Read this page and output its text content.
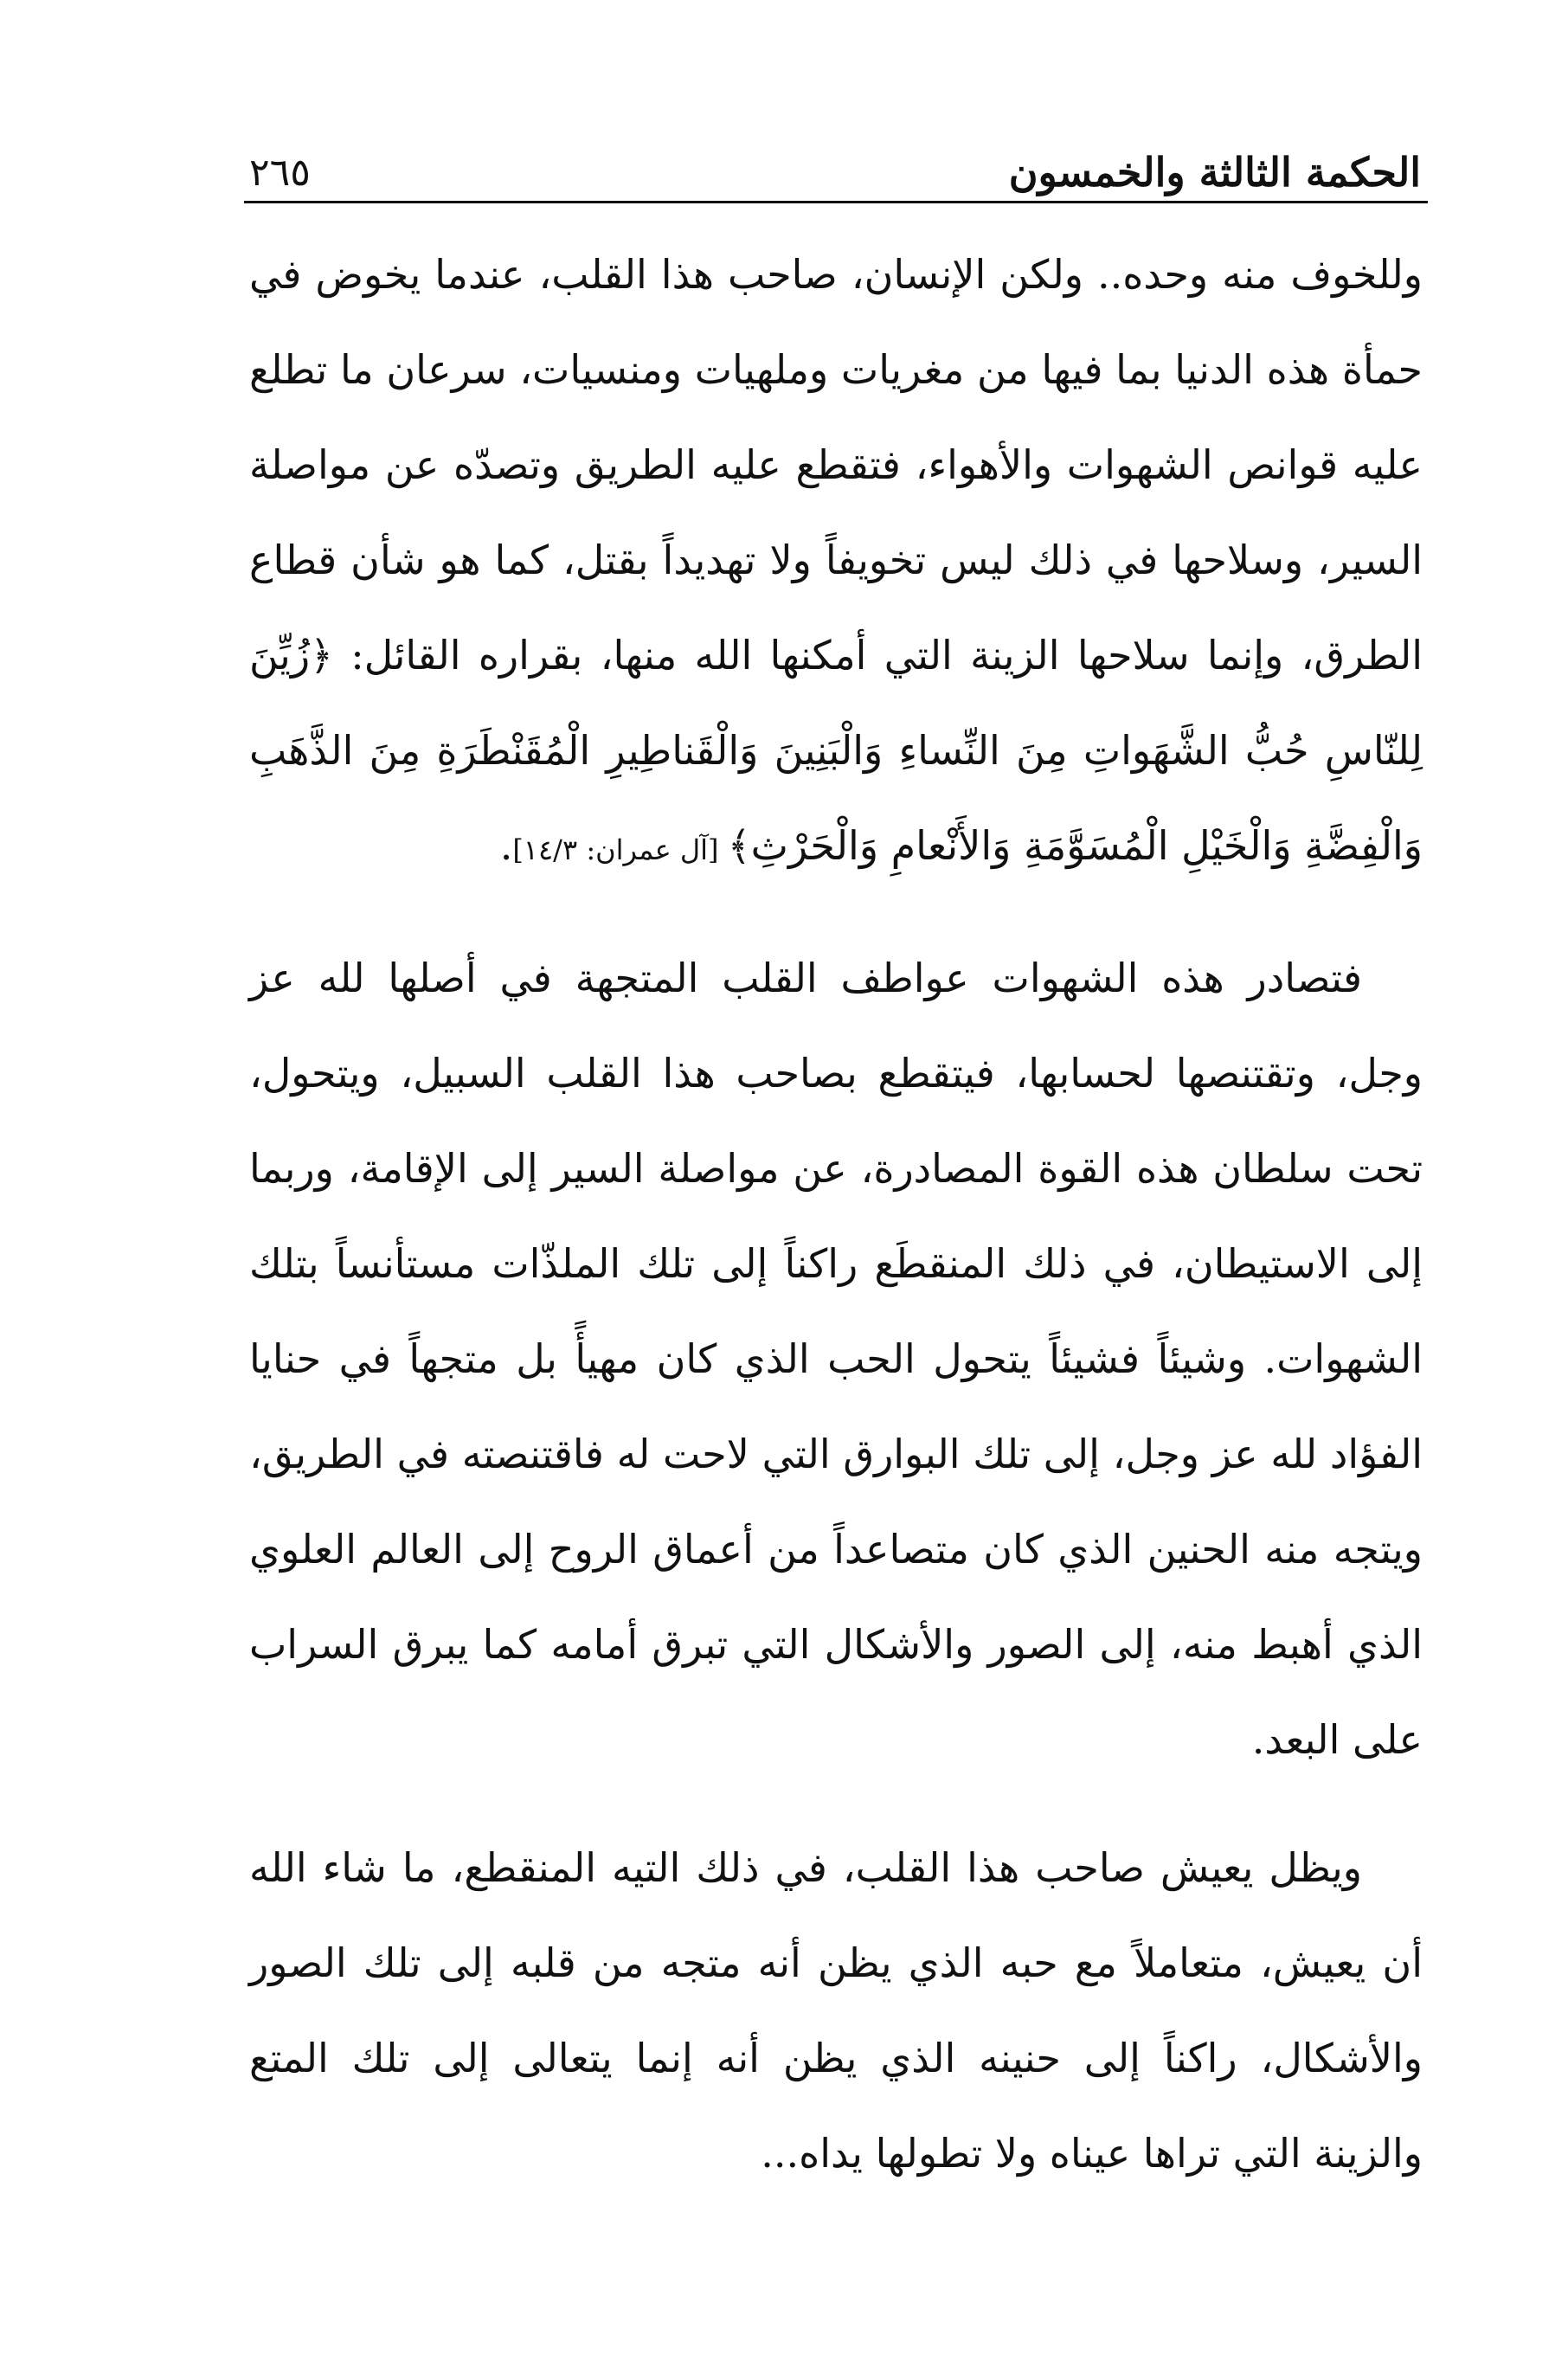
الحكمة الثالثة والخمسون
٢٦٥

وللخوف منه وحده.. ولكن الإنسان، صاحب هذا القلب، عندما يخوض في حمأة هذه الدنيا بما فيها من مغريات وملهيات ومنسيات، سرعان ما تطلع عليه قوانص الشهوات والأهواء، فتقطع عليه الطريق وتصدّه عن مواصلة السير، وسلاحها في ذلك ليس تخويفاً ولا تهديداً بقتل، كما هو شأن قطاع الطرق، وإنما سلاحها الزينة التي أمكنها الله منها، بقراره القائل: ﴿زُيِّنَ لِلنّاسِ حُبُّ الشَّهَواتِ مِنَ النِّساءِ وَالْبَنِينَ وَالْقَناطِيرِ الْمُقَنْطَرَةِ مِنَ الذَّهَبِ وَالْفِضَّةِ وَالْخَيْلِ الْمُسَوَّمَةِ وَالأَنْعامِ وَالْحَرْثِ﴾ [آل عمران: ١٤/٣].

فتصادر هذه الشهوات عواطف القلب المتجهة في أصلها لله عز وجل، وتقتنصها لحسابها، فيتقطع بصاحب هذا القلب السبيل، ويتحول، تحت سلطان هذه القوة المصادرة، عن مواصلة السير إلى الإقامة، وربما إلى الاستيطان، في ذلك المنقطَع راكناً إلى تلك الملذّات مستأنساً بتلك الشهوات. وشيئاً فشيئاً يتحول الحب الذي كان مهيأً بل متجهاً في حنايا الفؤاد لله عز وجل، إلى تلك البوارق التي لاحت له فاقتنصته في الطريق، ويتجه منه الحنين الذي كان متصاعداً من أعماق الروح إلى العالم العلوي الذي أهبط منه، إلى الصور والأشكال التي تبرق أمامه كما يبرق السراب على البعد.

ويظل يعيش صاحب هذا القلب، في ذلك التيه المنقطع، ما شاء الله أن يعيش، متعاملاً مع حبه الذي يظن أنه متجه من قلبه إلى تلك الصور والأشكال، راكناً إلى حنينه الذي يظن أنه إنما يتعالى إلى تلك المتع والزينة التي تراها عيناه ولا تطولها يداه...
